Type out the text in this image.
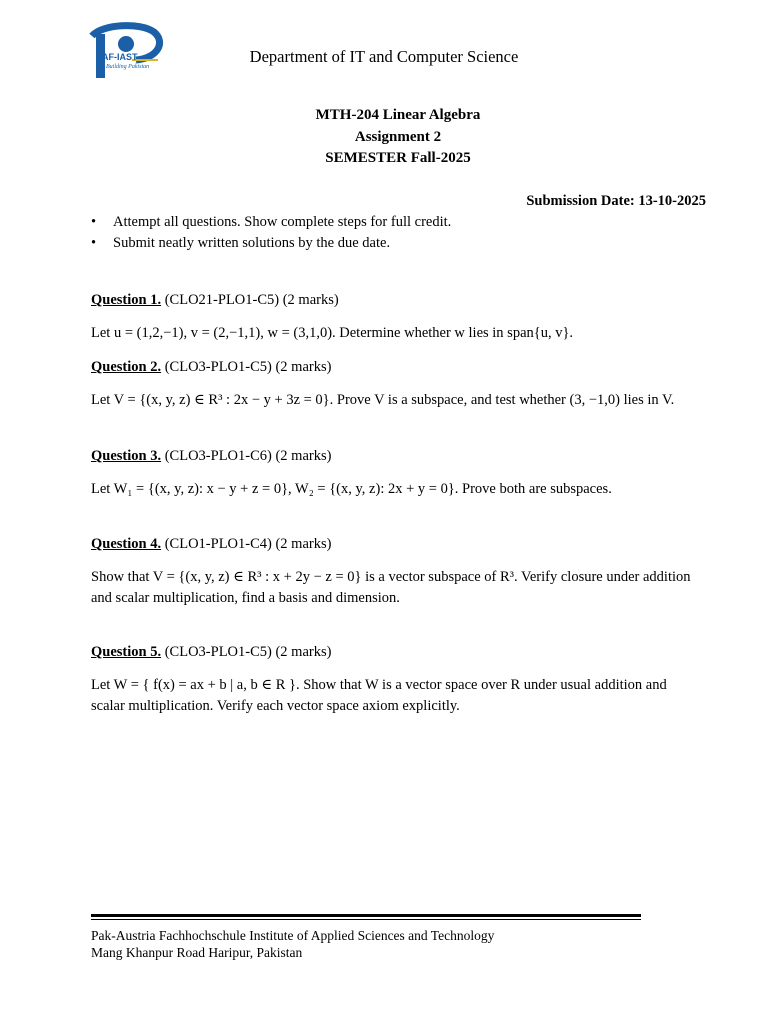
AF-IAST
Building Pakistan
Department of IT and Computer Science
MTH-204 Linear Algebra
Assignment 2
SEMESTER Fall-2025
Submission Date: 13-10-2025
• Attempt all questions. Show complete steps for full credit.
• Submit neatly written solutions by the due date.
Question 1. (CLO21-PLO1-C5) (2 marks)
Let u = (1,2,−1), v = (2,−1,1), w = (3,1,0). Determine whether w lies in span{u, v}.
Question 2. (CLO3-PLO1-C5) (2 marks)
Let V = {(x, y, z) ∈ R³ : 2x − y + 3z = 0}. Prove V is a subspace, and test whether (3, −1,0) lies in V.
Question 3. (CLO3-PLO1-C6) (2 marks)
Let W₁ = {(x, y, z): x − y + z = 0}, W₂ = {(x, y, z): 2x + y = 0}. Prove both are subspaces.
Question 4. (CLO1-PLO1-C4) (2 marks)
Show that V = {(x, y, z) ∈ R³ : x + 2y − z = 0} is a vector subspace of R³. Verify closure under addition and scalar multiplication, find a basis and dimension.
Question 5. (CLO3-PLO1-C5) (2 marks)
Let W = { f(x) = ax + b | a, b ∈ R }. Show that W is a vector space over R under usual addition and scalar multiplication. Verify each vector space axiom explicitly.
Pak-Austria Fachhochschule Institute of Applied Sciences and Technology
Mang Khanpur Road Haripur, Pakistan
